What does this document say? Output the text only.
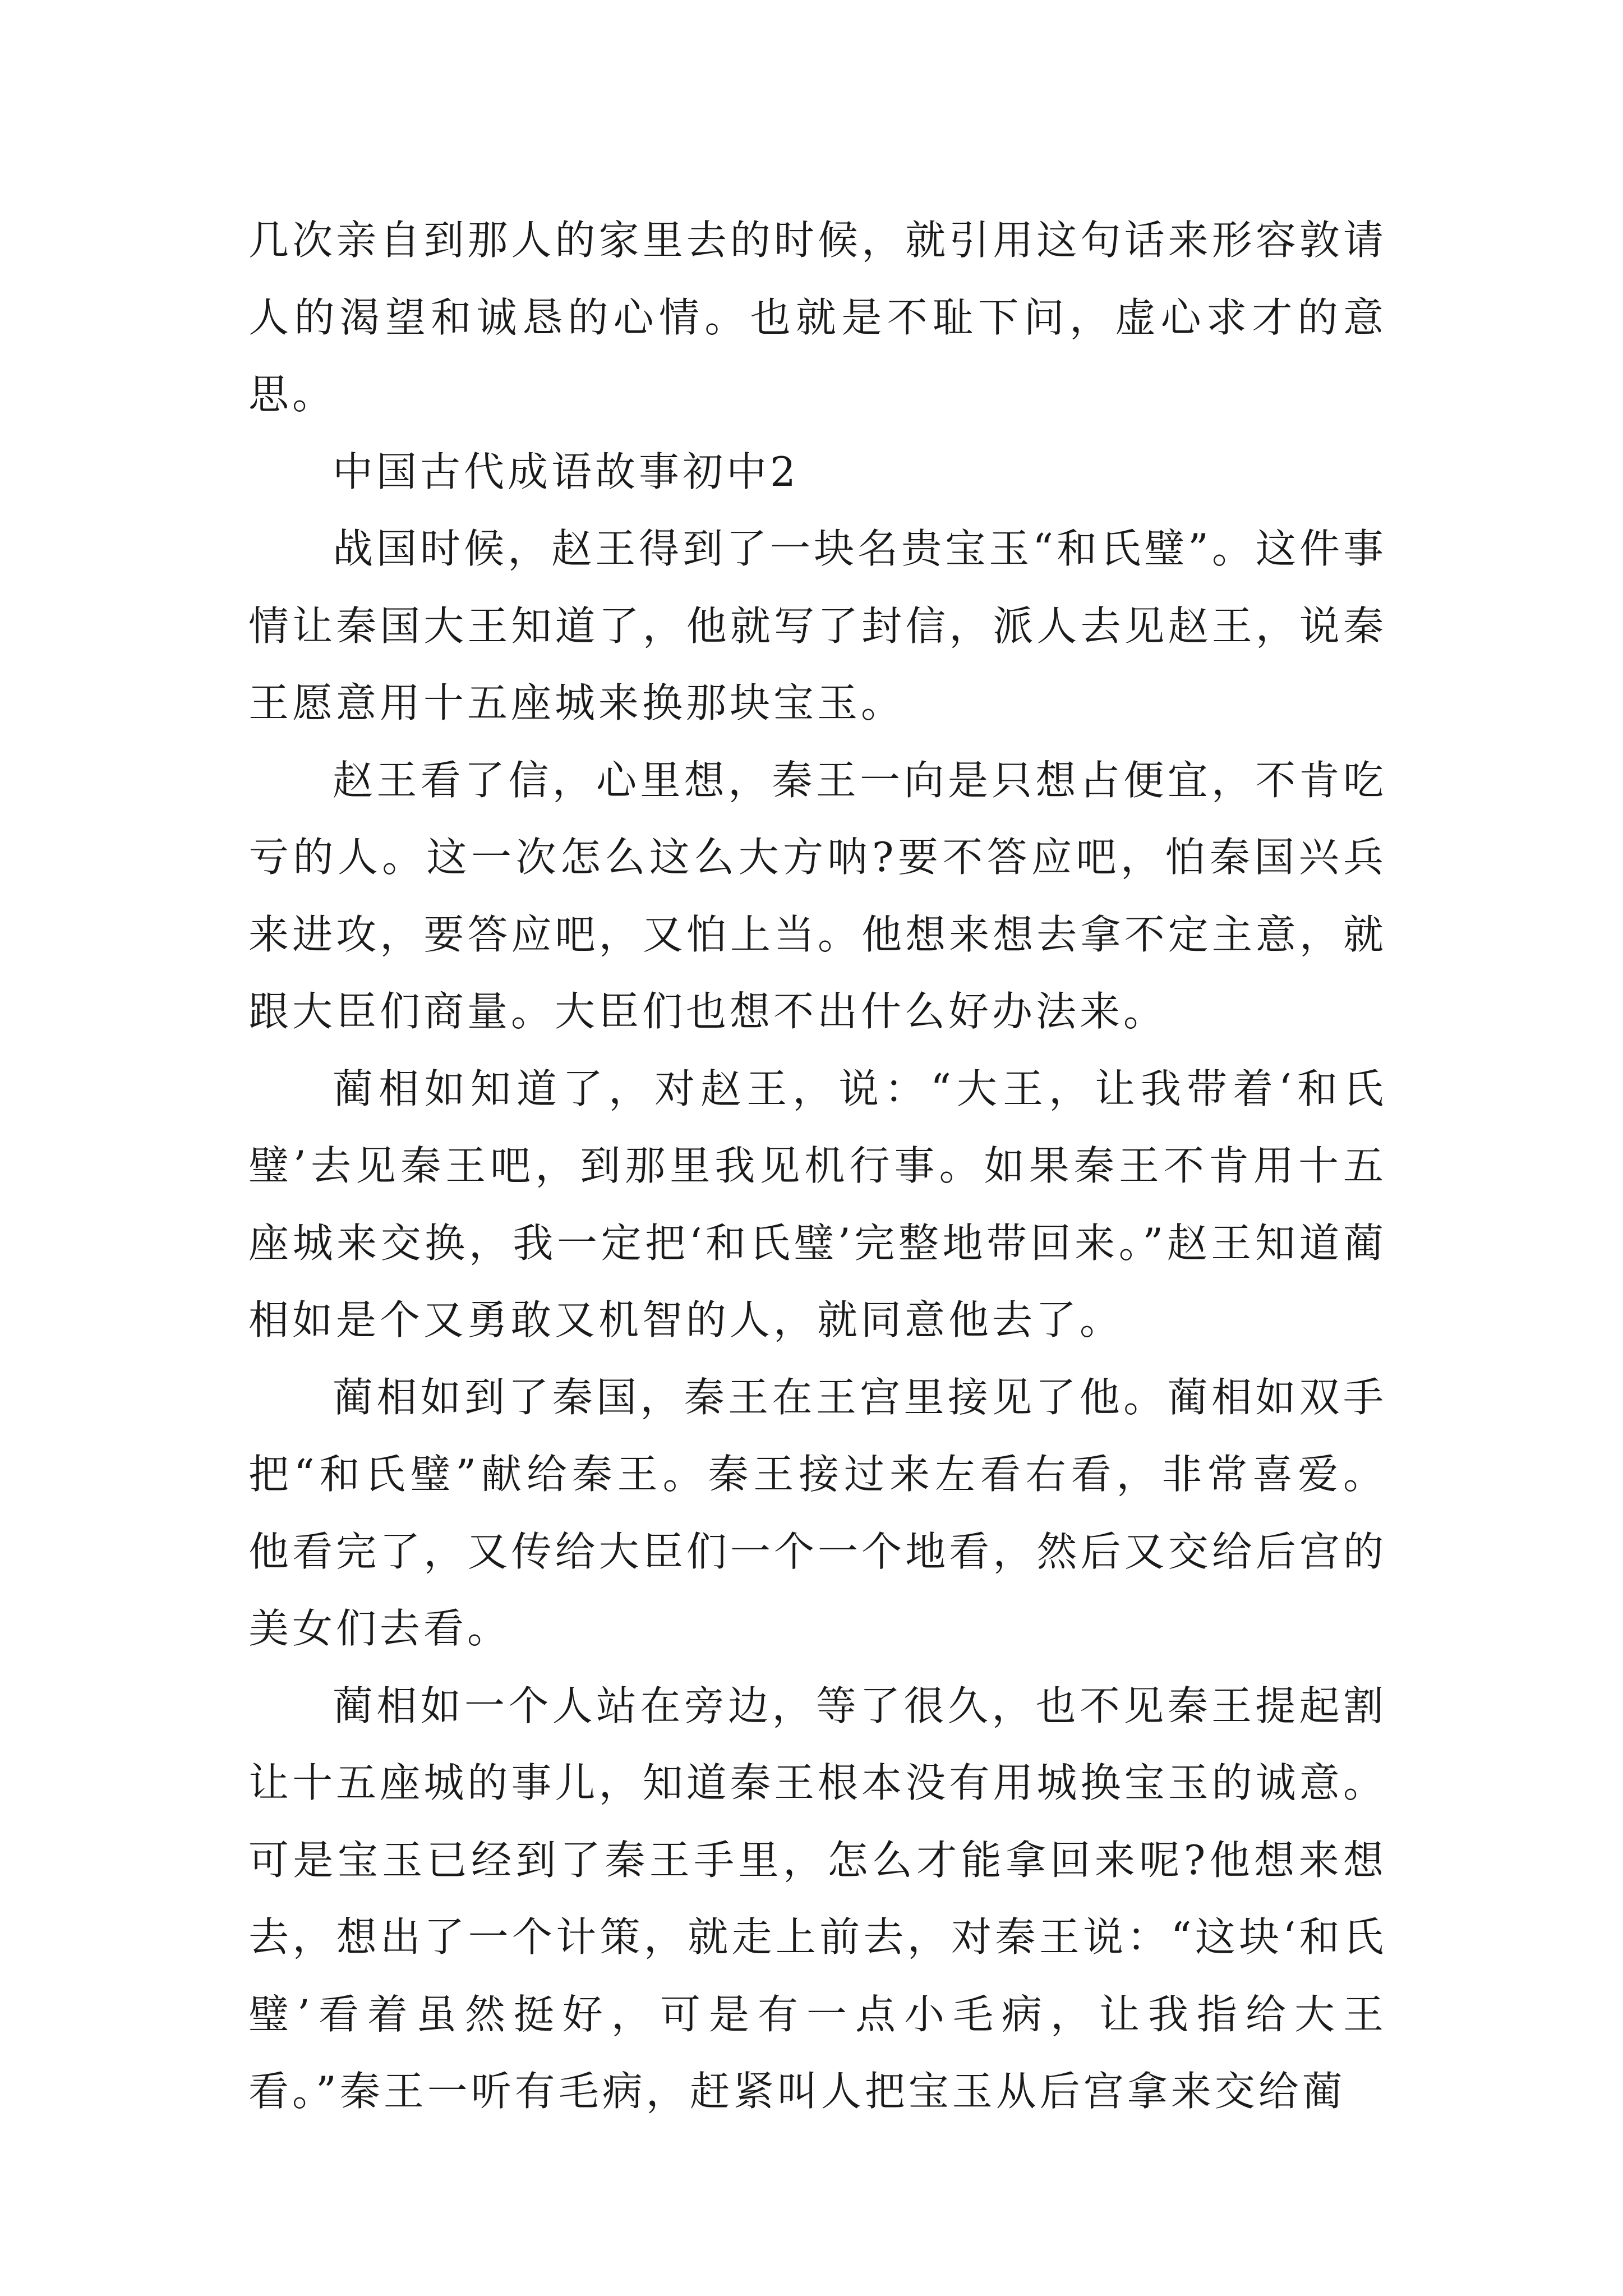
几次亲自到那人的家里去的时候，就引用这句话来形容敦请人的渴望和诚恳的心情。也就是不耻下问，虚心求才的意思。

中国古代成语故事初中2

战国时候，赵王得到了一块名贵宝玉“和氏璧”。这件事情让秦国大王知道了，他就写了封信，派人去见赵王，说秦王愿意用十五座城来换那块宝玉。

赵王看了信，心里想，秦王一向是只想占便宜，不肯吃亏的人。这一次怎么这么大方呐?要不答应吧，怕秦国兴兵来进攻，要答应吧，又怕上当。他想来想去拿不定主意，就跟大臣们商量。大臣们也想不出什么好办法来。

蔺相如知道了，对赵王，说：“大王，让我带着‘和氏璧’去见秦王吧，到那里我见机行事。如果秦王不肯用十五座城来交换，我一定把‘和氏璧’完整地带回来。”赵王知道蔺相如是个又勇敢又机智的人，就同意他去了。

蔺相如到了秦国，秦王在王宫里接见了他。蔺相如双手把“和氏璧”献给秦王。秦王接过来左看右看，非常喜爱。他看完了，又传给大臣们一个一个地看，然后又交给后宫的美女们去看。

蔺相如一个人站在旁边，等了很久，也不见秦王提起割让十五座城的事儿，知道秦王根本没有用城换宝玉的诚意。可是宝玉已经到了秦王手里，怎么才能拿回来呢?他想来想去，想出了一个计策，就走上前去，对秦王说：“这块‘和氏璧’看着虽然挺好，可是有一点小毛病，让我指给大王看。”秦王一听有毛病，赶紧叫人把宝玉从后宫拿来交给蔺
